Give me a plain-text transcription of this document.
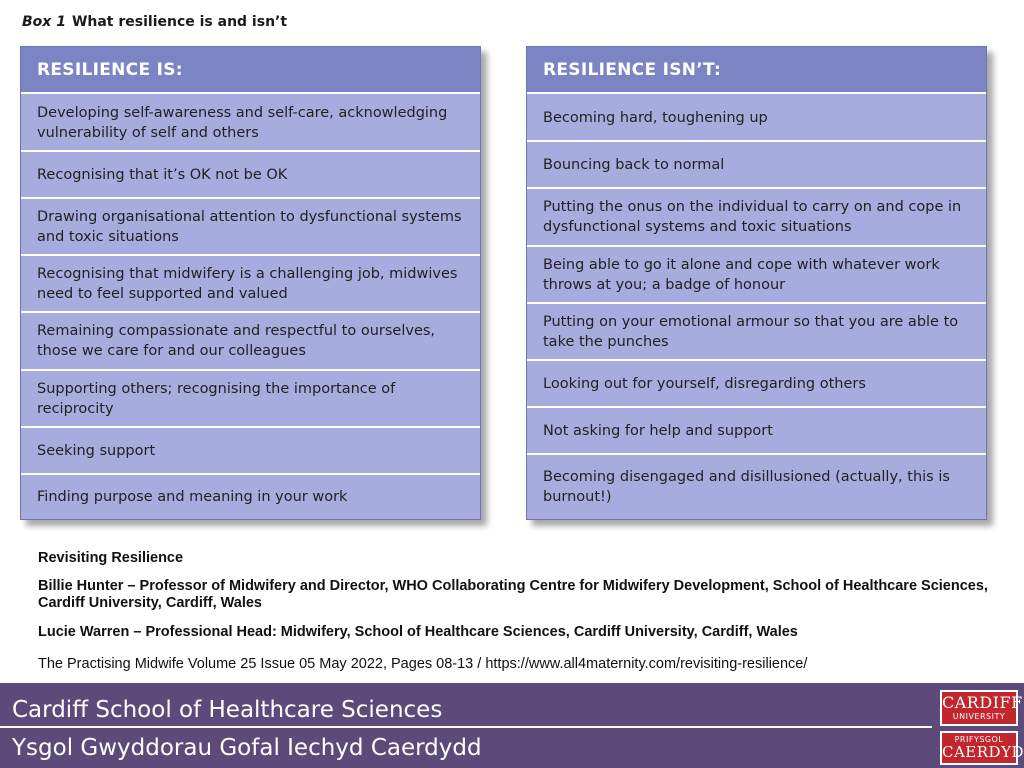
Box 1 What resilience is and isn’t
RESILIENCE IS:
Developing self-awareness and self-care, acknowledging vulnerability of self and others
Recognising that it’s OK not be OK
Drawing organisational attention to dysfunctional systems and toxic situations
Recognising that midwifery is a challenging job, midwives need to feel supported and valued
Remaining compassionate and respectful to ourselves, those we care for and our colleagues
Supporting others; recognising the importance of reciprocity
Seeking support
Finding purpose and meaning in your work
RESILIENCE ISN’T:
Becoming hard, toughening up
Bouncing back to normal
Putting the onus on the individual to carry on and cope in dysfunctional systems and toxic situations
Being able to go it alone and cope with whatever work throws at you; a badge of honour
Putting on your emotional armour so that you are able to take the punches
Looking out for yourself, disregarding others
Not asking for help and support
Becoming disengaged and disillusioned (actually, this is burnout!)
Revisiting Resilience
Billie Hunter – Professor of Midwifery and Director, WHO Collaborating Centre for Midwifery Development, School of Healthcare Sciences, Cardiff University, Cardiff, Wales
Lucie Warren – Professional Head: Midwifery, School of Healthcare Sciences, Cardiff University, Cardiff, Wales
The Practising Midwife Volume 25 Issue 05 May 2022, Pages 08-13 / https://www.all4maternity.com/revisiting-resilience/
Cardiff School of Healthcare Sciences
Ysgol Gwyddorau Gofal Iechyd Caerdydd
CARDIFF
UNIVERSITY
PRIFYSGOL
CAERDYD
